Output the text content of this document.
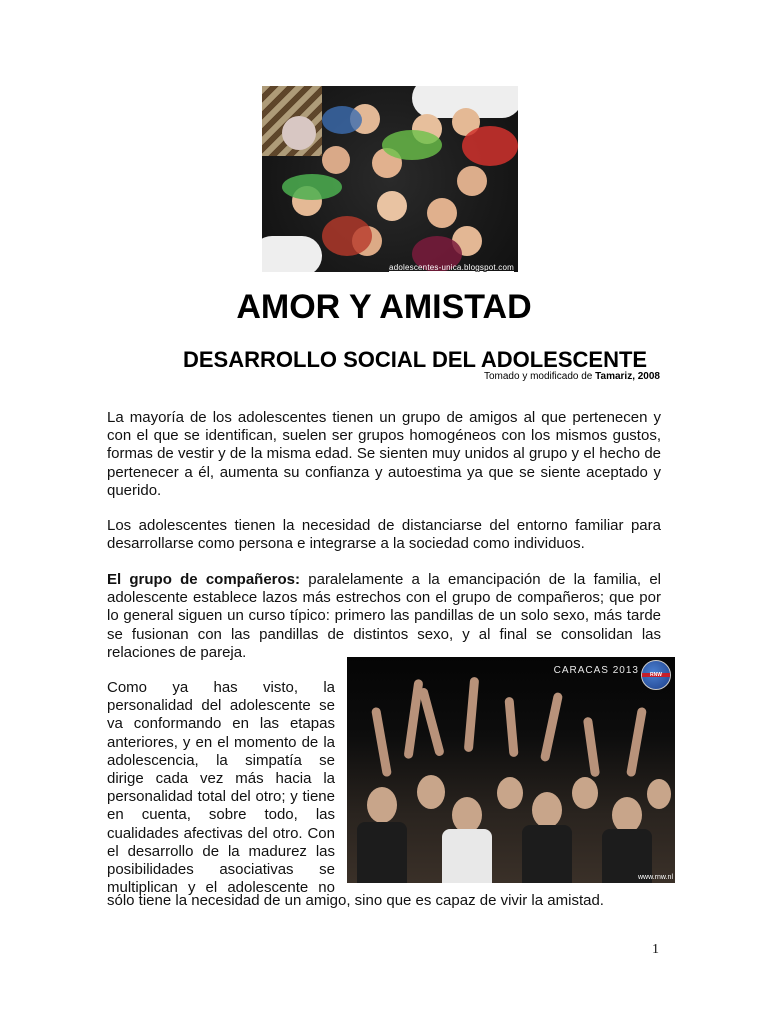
adolescentes-unica.blogspot.com
AMOR Y AMISTAD
DESARROLLO SOCIAL DEL ADOLESCENTE
Tomado y modificado de Tamariz, 2008
La mayoría de los adolescentes tienen un grupo de amigos al que pertenecen y con el que se identifican, suelen ser grupos homogéneos con los mismos gustos, formas de vestir y de la misma edad. Se sienten muy unidos al grupo y el hecho de pertenecer a él, aumenta su confianza y autoestima ya que se siente aceptado y querido.
Los adolescentes tienen la necesidad de distanciarse del entorno familiar para desarrollarse como persona e integrarse a la sociedad como individuos.
El grupo de compañeros: paralelamente a la emancipación de la familia, el adolescente establece lazos más estrechos con el grupo de compañeros; que por lo general siguen un curso típico: primero las pandillas de un solo sexo, más tarde se fusionan con las pandillas de distintos sexo, y al final se consolidan las relaciones de pareja.
Como ya has visto, la personalidad del adolescente se va conformando en las etapas anteriores, y en el momento de la adolescencia, la simpatía se dirige cada vez más hacia la personalidad total del otro; y tiene en cuenta, sobre todo, las cualidades afectivas del otro. Con el desarrollo de la madurez las posibilidades asociativas se multiplican y el adolescente no
sólo tiene la necesidad de un amigo, sino que es capaz de vivir la amistad.
CARACAS 2013
RNW
www.rnw.nl
1
